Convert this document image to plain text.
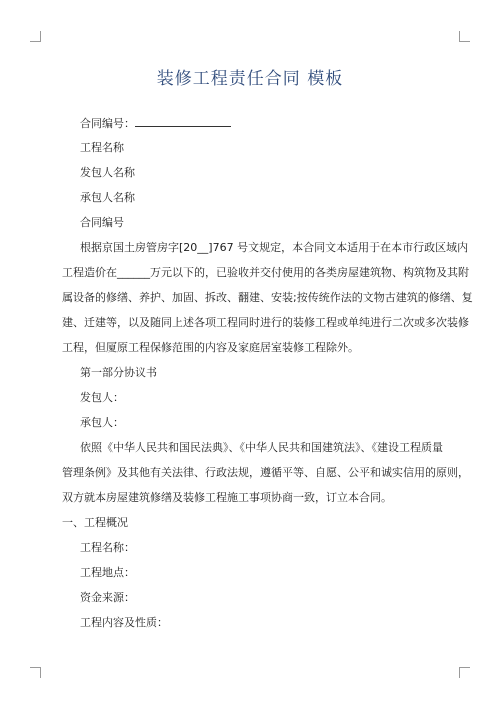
装修工程责任合同 模板
合同编号：
工程名称
发包人名称
承包人名称
合同编号
根据京国土房管房字[20__]767 号文规定，本合同文本适用于在本市行政区域内
工程造价在______万元以下的，已验收并交付使用的各类房屋建筑物、构筑物及其附
属设备的修缮、养护、加固、拆改、翻建、安装;按传统作法的文物古建筑的修缮、复
建、迁建等，以及随同上述各项工程同时进行的装修工程或单纯进行二次或多次装修
工程，但厦原工程保修范围的内容及家庭居室装修工程除外。
第一部分协议书
发包人：
承包人：
依照《中华人民共和国民法典》、《中华人民共和国建筑法》、《建设工程质量
管理条例》及其他有关法律、行政法规，遵循平等、自愿、公平和诚实信用的原则，
双方就本房屋建筑修缮及装修工程施工事项协商一致，订立本合同。
一、工程概况
工程名称：
工程地点：
资金来源：
工程内容及性质：
